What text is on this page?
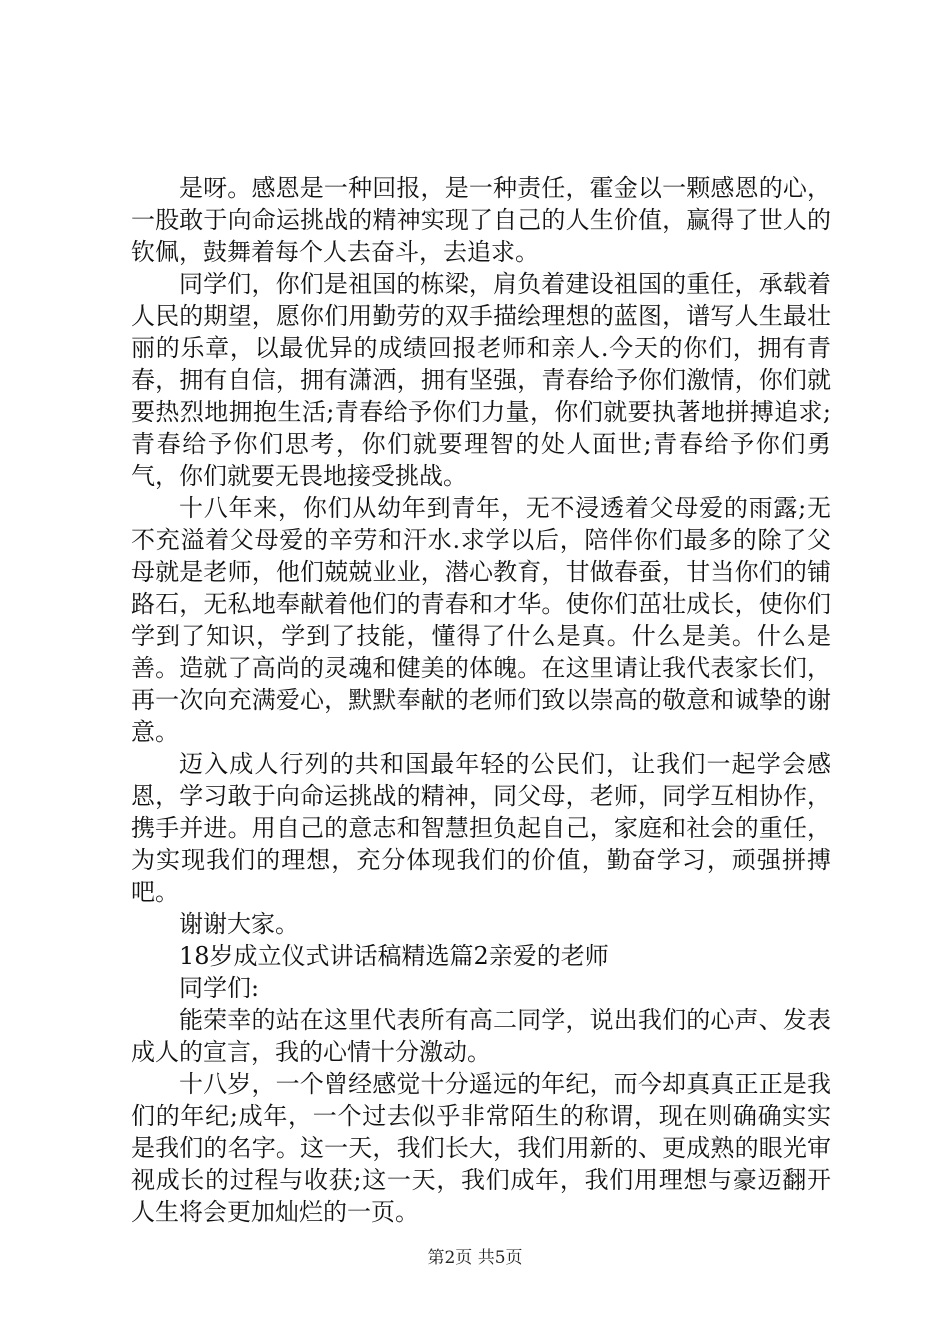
是呀。感恩是一种回报，是一种责任，霍金以一颗感恩的心，一股敢于向命运挑战的精神实现了自己的人生价值，赢得了世人的钦佩，鼓舞着每个人去奋斗，去追求。

同学们，你们是祖国的栋梁，肩负着建设祖国的重任，承载着人民的期望，愿你们用勤劳的双手描绘理想的蓝图，谱写人生最壮丽的乐章，以最优异的成绩回报老师和亲人.今天的你们，拥有青春，拥有自信，拥有潇洒，拥有坚强，青春给予你们激情，你们就要热烈地拥抱生活;青春给予你们力量，你们就要执著地拼搏追求;青春给予你们思考，你们就要理智的处人面世;青春给予你们勇气，你们就要无畏地接受挑战。

十八年来，你们从幼年到青年，无不浸透着父母爱的雨露;无不充溢着父母爱的辛劳和汗水.求学以后，陪伴你们最多的除了父母就是老师，他们兢兢业业，潜心教育，甘做春蚕，甘当你们的铺路石，无私地奉献着他们的青春和才华。使你们茁壮成长，使你们学到了知识，学到了技能，懂得了什么是真。什么是美。什么是善。造就了高尚的灵魂和健美的体魄。在这里请让我代表家长们，再一次向充满爱心，默默奉献的老师们致以崇高的敬意和诚挚的谢意。

迈入成人行列的共和国最年轻的公民们，让我们一起学会感恩，学习敢于向命运挑战的精神，同父母，老师，同学互相协作，携手并进。用自己的意志和智慧担负起自己，家庭和社会的重任，为实现我们的理想，充分体现我们的价值，勤奋学习，顽强拼搏吧。

谢谢大家。

18岁成立仪式讲话稿精选篇2亲爱的老师

同学们:

能荣幸的站在这里代表所有高二同学，说出我们的心声、发表成人的宣言，我的心情十分激动。

十八岁，一个曾经感觉十分遥远的年纪，而今却真真正正是我们的年纪;成年，一个过去似乎非常陌生的称谓，现在则确确实实是我们的名字。这一天，我们长大，我们用新的、更成熟的眼光审视成长的过程与收获;这一天，我们成年，我们用理想与豪迈翻开人生将会更加灿烂的一页。

第2页 共5页
